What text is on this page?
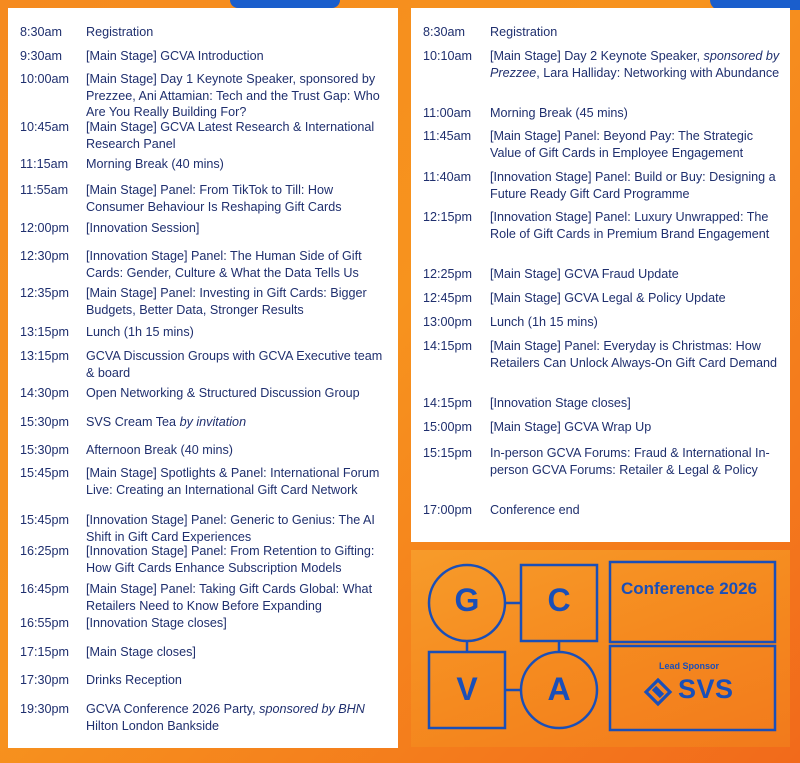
8:30am Registration
9:30am [Main Stage] GCVA Introduction
10:00am [Main Stage] Day 1 Keynote Speaker, sponsored by Prezzee, Ani Attamian: Tech and the Trust Gap: Who Are You Really Building For?
10:45am [Main Stage] GCVA Latest Research & International Research Panel
11:15am Morning Break (40 mins)
11:55am [Main Stage] Panel: From TikTok to Till: How Consumer Behaviour Is Reshaping Gift Cards
12:00pm [Innovation Session]
12:30pm [Innovation Stage] Panel: The Human Side of Gift Cards: Gender, Culture & What the Data Tells Us
12:35pm [Main Stage] Panel: Investing in Gift Cards: Bigger Budgets, Better Data, Stronger Results
13:15pm Lunch (1h 15 mins)
13:15pm GCVA Discussion Groups with GCVA Executive team & board
14:30pm Open Networking & Structured Discussion Group
15:30pm SVS Cream Tea by invitation
15:30pm Afternoon Break (40 mins)
15:45pm [Main Stage] Spotlights & Panel: International Forum Live: Creating an International Gift Card Network
15:45pm [Innovation Stage] Panel: Generic to Genius: The AI Shift in Gift Card Experiences
16:25pm [Innovation Stage] Panel: From Retention to Gifting: How Gift Cards Enhance Subscription Models
16:45pm [Main Stage] Panel: Taking Gift Cards Global: What Retailers Need to Know Before Expanding
16:55pm [Innovation Stage closes]
17:15pm [Main Stage closes]
17:30pm Drinks Reception
19:30pm GCVA Conference 2026 Party, sponsored by BHN Hilton London Bankside
8:30am Registration
10:10am [Main Stage] Day 2 Keynote Speaker, sponsored by Prezzee, Lara Halliday: Networking with Abundance
11:00am Morning Break (45 mins)
11:45am [Main Stage] Panel: Beyond Pay: The Strategic Value of Gift Cards in Employee Engagement
11:40am [Innovation Stage] Panel: Build or Buy: Designing a Future Ready Gift Card Programme
12:15pm [Innovation Stage] Panel: Luxury Unwrapped: The Role of Gift Cards in Premium Brand Engagement
12:25pm [Main Stage] GCVA Fraud Update
12:45pm [Main Stage] GCVA Legal & Policy Update
13:00pm Lunch (1h 15 mins)
14:15pm [Main Stage] Panel: Everyday is Christmas: How Retailers Can Unlock Always-On Gift Card Demand
14:15pm [Innovation Stage closes]
15:00pm [Main Stage] GCVA Wrap Up
15:15pm In-person GCVA Forums: Fraud & International In-person GCVA Forums: Retailer & Legal & Policy
17:00pm Conference end
G	C
V	A
Conference 2026
Lead Sponsor
SVS
